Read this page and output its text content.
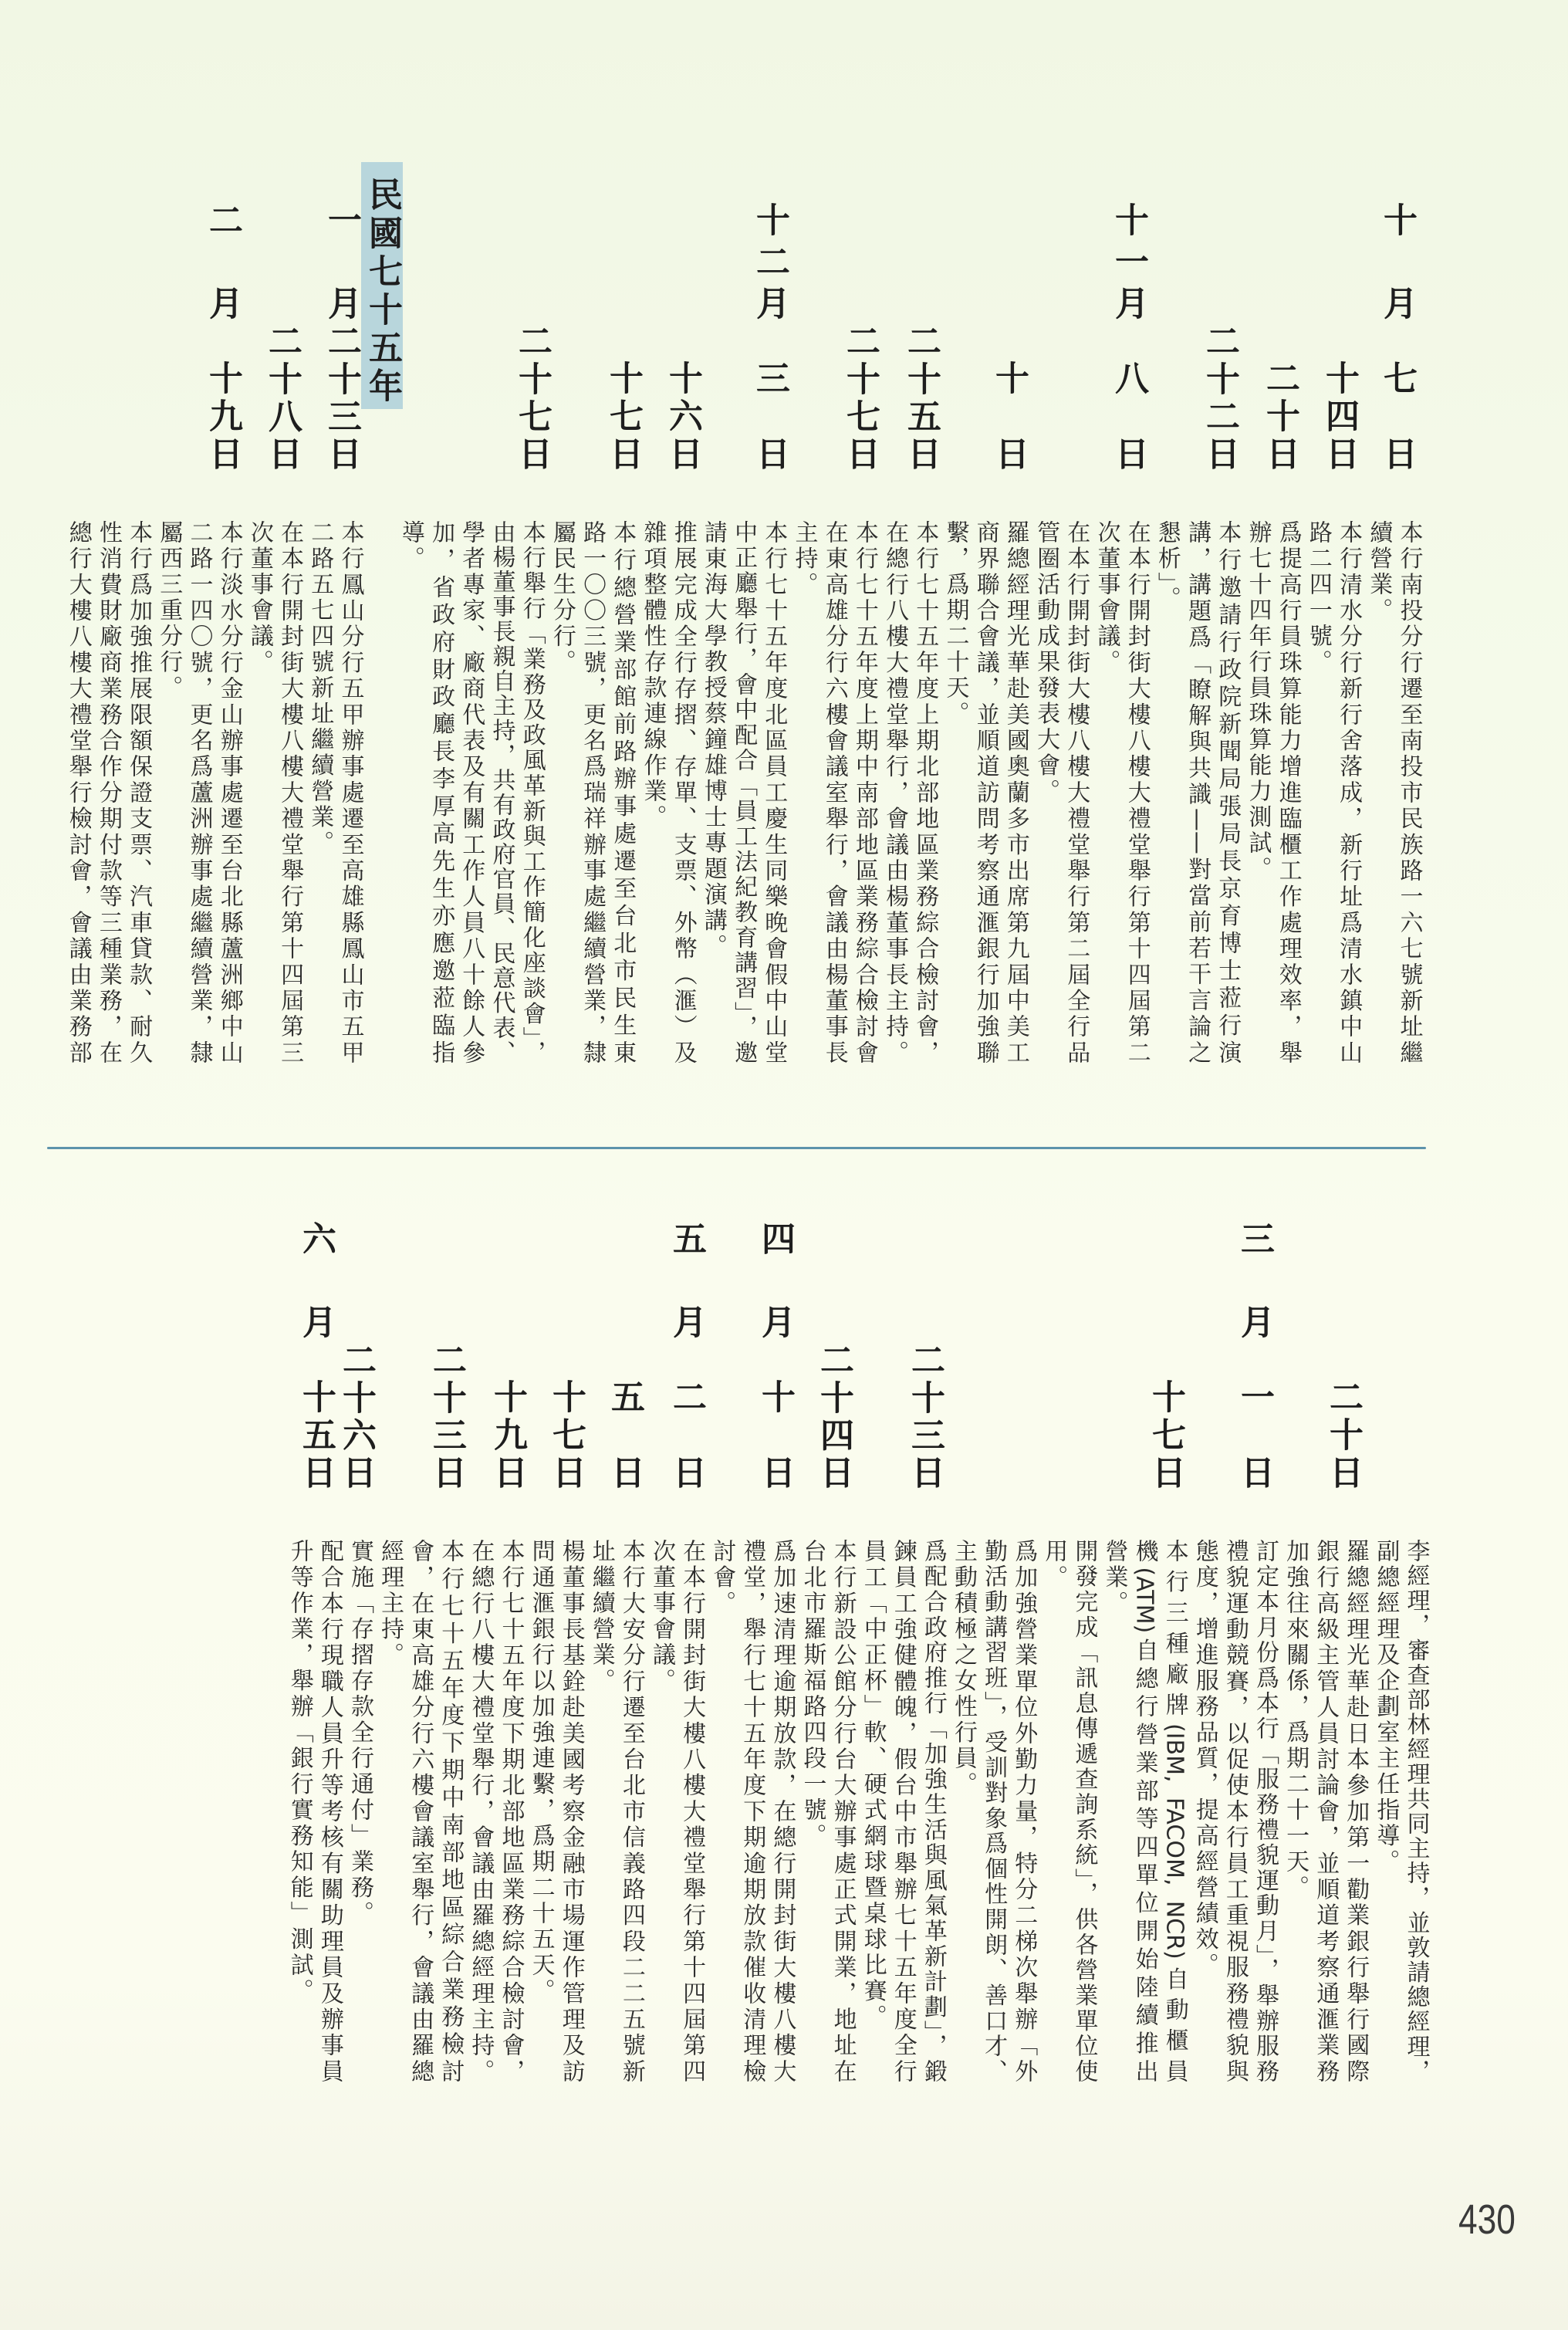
十月
七日
十四日
二十日
二十二日
十一月
八日
十日
二十五日
二十七日
十二月
三日
十六日
十七日
二十七日
民國七十五年
一月
二十三日
二十八日
二月
十九日
本行南投分行遷至南投市民族路一六七號新址繼
續營業。
本行清水分行新行舍落成，新行址爲清水鎮中山
路二四一號。
爲提高行員珠算能力增進臨櫃工作處理效率，舉
辦七十四年行員珠算能力測試。
本行邀請行政院新聞局張局長京育博士蒞行演
講，講題爲「瞭解與共識——對當前若干言論之
懇析」。
在本行開封街大樓八樓大禮堂舉行第十四屆第二
次董事會議。
在本行開封街大樓八樓大禮堂舉行第二屆全行品
管圈活動成果發表大會。
羅總經理光華赴美國奧蘭多市出席第九屆中美工
商界聯合會議，並順道訪問考察通滙銀行加強聯
繫，爲期二十天。
本行七十五年度上期北部地區業務綜合檢討會，
在總行八樓大禮堂舉行，會議由楊董事長主持。
本行七十五年度上期中南部地區業務綜合檢討會
在東高雄分行六樓會議室舉行，會議由楊董事長
主持。
本行七十五年度北區員工慶生同樂晚會假中山堂
中正廳舉行，會中配合「員工法紀教育講習」，邀
請東海大學教授蔡鐘雄博士專題演講。
推展完成全行存摺、存單、支票、外幣（滙）及
雜項整體性存款連線作業。
本行總營業部館前路辦事處遷至台北市民生東
路一〇〇三號，更名爲瑞祥辦事處繼續營業，隸
屬民生分行。
本行舉行「業務及政風革新與工作簡化座談會」，
由楊董事長親自主持，共有政府官員、民意代表、
學者專家、廠商代表及有關工作人員八十餘人參
加，省政府財政廳長李厚高先生亦應邀蒞臨指
導。
本行鳳山分行五甲辦事處遷至高雄縣鳳山市五甲
二路五七四號新址繼續營業。
在本行開封街大樓八樓大禮堂舉行第十四屆第三
次董事會議。
本行淡水分行金山辦事處遷至台北縣蘆洲鄉中山
二路一四〇號，更名爲蘆洲辦事處繼續營業，隸
屬西三重分行。
本行爲加強推展限額保證支票、汽車貸款、耐久
性消費財廠商業務合作分期付款等三種業務，在
總行大樓八樓大禮堂舉行檢討會，會議由業務部
二十日
三月
一日
十七日
二十三日
二十四日
四月
十日
五月
二日
五日
十七日
十九日
二十三日
二十六日
六月
十五日
李經理，審查部林經理共同主持，並敦請總經理，
副總經理及企劃室主任指導。
羅總經理光華赴日本參加第一勸業銀行舉行國際
銀行高級主管人員討論會，並順道考察通滙業務
加強往來關係，爲期二十一天。
訂定本月份爲本行「服務禮貌運動月」，舉辦服務
禮貌運動競賽，以促使本行員工重視服務禮貌與
態度，增進服務品質，提高經營績效。
本行三種廠牌(IBM, FACOM, NCR)自動櫃員
機(ATM)自總行營業部等四單位開始陸續推出
營業。
開發完成「訊息傳遞查詢系統」，供各營業單位使
用。
爲加強營業單位外勤力量，特分二梯次舉辦「外
勤活動講習班」，受訓對象爲個性開朗、善口才、
主動積極之女性行員。
爲配合政府推行「加強生活與風氣革新計劃」，鍛
鍊員工強健體魄，假台中市舉辦七十五年度全行
員工「中正杯」軟、硬式網球暨桌球比賽。
本行新設公館分行台大辦事處正式開業，地址在
台北市羅斯福路四段一號。
爲加速清理逾期放款，在總行開封街大樓八樓大
禮堂，舉行七十五年度下期逾期放款催收清理檢
討會。
在本行開封街大樓八樓大禮堂舉行第十四屆第四
次董事會議。
本行大安分行遷至台北市信義路四段二二五號新
址繼續營業。
楊董事長基銓赴美國考察金融市場運作管理及訪
問通滙銀行以加強連繫，爲期二十五天。
本行七十五年度下期北部地區業務綜合檢討會，
在總行八樓大禮堂舉行，會議由羅總經理主持。
本行七十五年度下期中南部地區綜合業務檢討
會，在東高雄分行六樓會議室舉行，會議由羅總
經理主持。
實施「存摺存款全行通付」業務。
配合本行現職人員升等考核有關助理員及辦事員
升等作業，舉辦「銀行實務知能」測試。
430
